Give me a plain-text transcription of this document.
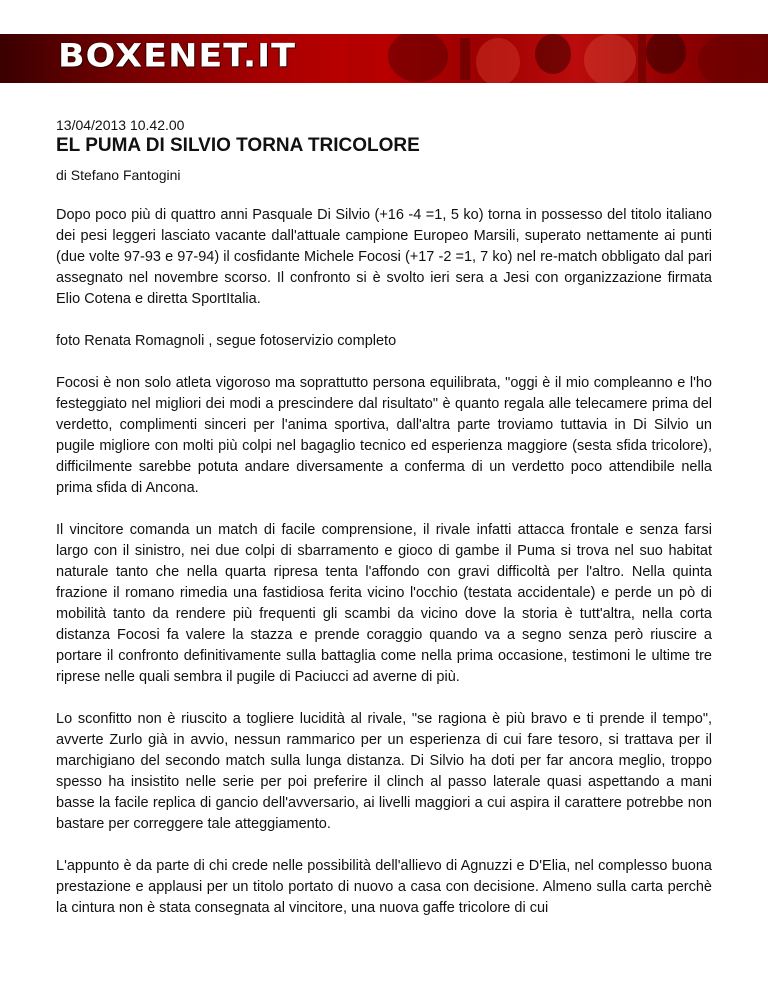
BOXENET.IT
13/04/2013 10.42.00
EL PUMA DI SILVIO TORNA TRICOLORE
di Stefano Fantogini

Dopo poco più di quattro anni Pasquale Di Silvio (+16 -4 =1, 5 ko) torna in possesso del titolo italiano dei pesi leggeri lasciato vacante dall'attuale campione Europeo Marsili, superato nettamente ai punti (due volte 97-93 e 97-94) il cosfidante Michele Focosi (+17 -2 =1, 7 ko) nel re-match obbligato dal pari assegnato nel novembre scorso. Il confronto si è svolto ieri sera a Jesi con organizzazione firmata Elio Cotena e diretta SportItalia.

foto Renata Romagnoli , segue fotoservizio completo

Focosi è non solo atleta vigoroso ma soprattutto persona equilibrata, "oggi è il mio compleanno e l'ho festeggiato nel migliori dei modi a prescindere dal risultato" è quanto regala alle telecamere prima del verdetto, complimenti sinceri per l'anima sportiva, dall'altra parte troviamo tuttavia in Di Silvio un pugile migliore con molti più colpi nel bagaglio tecnico ed esperienza maggiore (sesta sfida tricolore), difficilmente sarebbe potuta andare diversamente a conferma di un verdetto poco attendibile nella prima sfida di Ancona.

Il vincitore comanda un match di facile comprensione, il rivale infatti attacca frontale e senza farsi largo con il sinistro, nei due colpi di sbarramento e gioco di gambe il Puma si trova nel suo habitat naturale tanto che nella quarta ripresa tenta l'affondo con gravi difficoltà per l'altro. Nella quinta frazione il romano rimedia una fastidiosa ferita vicino l'occhio (testata accidentale) e perde un pò di mobilità tanto da rendere più frequenti gli scambi da vicino dove la storia è tutt'altra, nella corta distanza Focosi fa valere la stazza e prende coraggio quando va a segno senza però riuscire a portare il confronto definitivamente sulla battaglia come nella prima occasione, testimoni le ultime tre riprese nelle quali sembra il pugile di Paciucci ad averne di più.

Lo sconfitto non è riuscito a togliere lucidità al rivale, "se ragiona è più bravo e ti prende il tempo", avverte Zurlo già in avvio, nessun rammarico per un esperienza di cui fare tesoro, si trattava per il marchigiano del secondo match sulla lunga distanza. Di Silvio ha doti per far ancora meglio, troppo spesso ha insistito nelle serie per poi preferire il clinch al passo laterale quasi aspettando a mani basse la facile replica di gancio dell'avversario, ai livelli maggiori a cui aspira il carattere potrebbe non bastare per correggere tale atteggiamento.

L'appunto è da parte di chi crede nelle possibilità dell'allievo di Agnuzzi e D'Elia, nel complesso buona prestazione e applausi per un titolo portato di nuovo a casa con decisione. Almeno sulla carta perchè la cintura non è stata consegnata al vincitore, una nuova gaffe tricolore di cui
